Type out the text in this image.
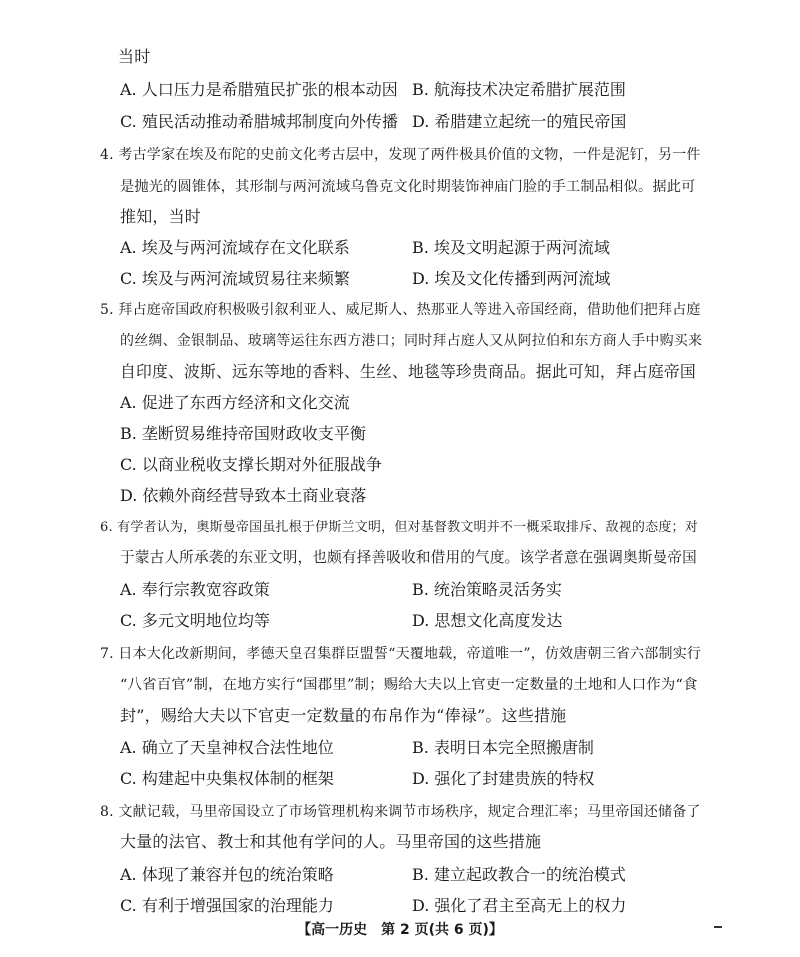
当时
A. 人口压力是希腊殖民扩张的根本动因 B. 航海技术决定希腊扩展范围
C. 殖民活动推动希腊城邦制度向外传播 D. 希腊建立起统一的殖民帝国
4. 考古学家在埃及布陀的史前文化考古层中，发现了两件极具价值的文物，一件是泥钉，另一件
是抛光的圆锥体，其形制与两河流域乌鲁克文化时期装饰神庙门脸的手工制品相似。据此可
推知，当时
A. 埃及与两河流域存在文化联系	B. 埃及文明起源于两河流域
C. 埃及与两河流域贸易往来频繁	D. 埃及文化传播到两河流域
5. 拜占庭帝国政府积极吸引叙利亚人、威尼斯人、热那亚人等进入帝国经商，借助他们把拜占庭
的丝绸、金银制品、玻璃等运往东西方港口；同时拜占庭人又从阿拉伯和东方商人手中购买来
自印度、波斯、远东等地的香料、生丝、地毯等珍贵商品。据此可知，拜占庭帝国
A. 促进了东西方经济和文化交流
B. 垄断贸易维持帝国财政收支平衡
C. 以商业税收支撑长期对外征服战争
D. 依赖外商经营导致本土商业衰落
6. 有学者认为，奥斯曼帝国虽扎根于伊斯兰文明，但对基督教文明并不一概采取排斥、敌视的态度；对
于蒙古人所承袭的东亚文明，也颇有择善吸收和借用的气度。该学者意在强调奥斯曼帝国
A. 奉行宗教宽容政策	B. 统治策略灵活务实
C. 多元文明地位均等	D. 思想文化高度发达
7. 日本大化改新期间，孝德天皇召集群臣盟誓“天覆地载，帝道唯一”，仿效唐朝三省六部制实行
“八省百官”制，在地方实行“国郡里”制；赐给大夫以上官吏一定数量的土地和人口作为“食
封”，赐给大夫以下官吏一定数量的布帛作为“俸禄”。这些措施
A. 确立了天皇神权合法性地位	B. 表明日本完全照搬唐制
C. 构建起中央集权体制的框架	D. 强化了封建贵族的特权
8. 文献记载，马里帝国设立了市场管理机构来调节市场秩序，规定合理汇率；马里帝国还储备了
大量的法官、教士和其他有学问的人。马里帝国的这些措施
A. 体现了兼容并包的统治策略	B. 建立起政教合一的统治模式
C. 有利于增强国家的治理能力	D. 强化了君主至高无上的权力
【高一历史　第 2 页(共 6 页)】
